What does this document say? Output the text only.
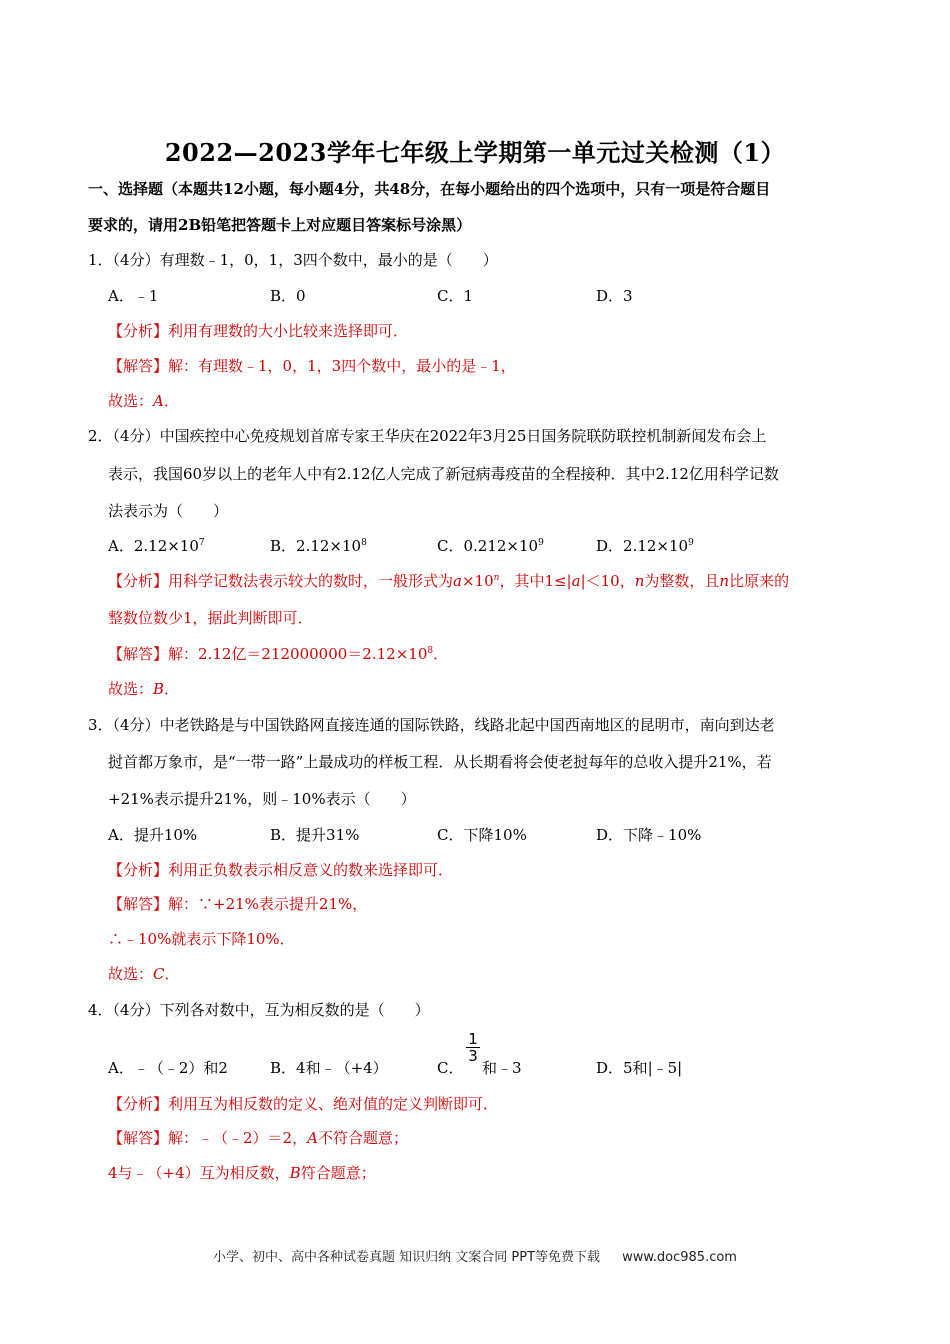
2022—2023学年七年级上学期第一单元过关检测（1）
一、选择题（本题共12小题，每小题4分，共48分，在每小题给出的四个选项中，只有一项是符合题目
要求的，请用2B铅笔把答题卡上对应题目答案标号涂黑）
1．（4分）有理数﹣1，0，1，3四个数中，最小的是（　　）
A．﹣1	B．0	C．1	D．3
【分析】利用有理数的大小比较来选择即可．
【解答】解：有理数﹣1，0，1，3四个数中，最小的是﹣1，
故选：A．
2．（4分）中国疾控中心免疫规划首席专家王华庆在2022年3月25日国务院联防联控机制新闻发布会上
表示，我国60岁以上的老年人中有2.12亿人完成了新冠病毒疫苗的全程接种．其中2.12亿用科学记数
法表示为（　　）
A．$2.12\times 10^7$	B．$2.12\times 10^8$	C．$0.212\times 10^9$	D．$2.12\times 10^9$
【分析】用科学记数法表示较大的数时，一般形式为$a\times 10^n$，其中1≤|a|＜10，n为整数，且n比原来的
整数位数少1，据此判断即可．
【解答】解：2.12亿$=212000000=2.12\times 10^8$．
故选：B．
3．（4分）中老铁路是与中国铁路网直接连通的国际铁路，线路北起中国西南地区的昆明市，南向到达老
挝首都万象市，是“一带一路”上最成功的样板工程．从长期看将会使老挝每年的总收入提升21%，若
+21%表示提升21%，则﹣10%表示（　　）
A．提升10%	B．提升31%	C．下降10%	D．下降﹣10%
【分析】利用正负数表示相反意义的数来选择即可．
【解答】解：∵+21%表示提升21%，
∴﹣10%就表示下降10%．
故选：C．
4．（4分）下列各对数中，互为相反数的是（　　）
A．﹣（﹣2）和2	B．4和﹣（+4）	C．
$\frac{1}{3}$
和﹣3	D．5和|﹣5|
【分析】利用互为相反数的定义、绝对值的定义判断即可．
【解答】解：﹣（﹣2）＝2，A不符合题意；
4与﹣（+4）互为相反数，B符合题意；
小学、初中、高中各种试卷真题 知识归纳 文案合同 PPT等免费下载 www.doc985.com
